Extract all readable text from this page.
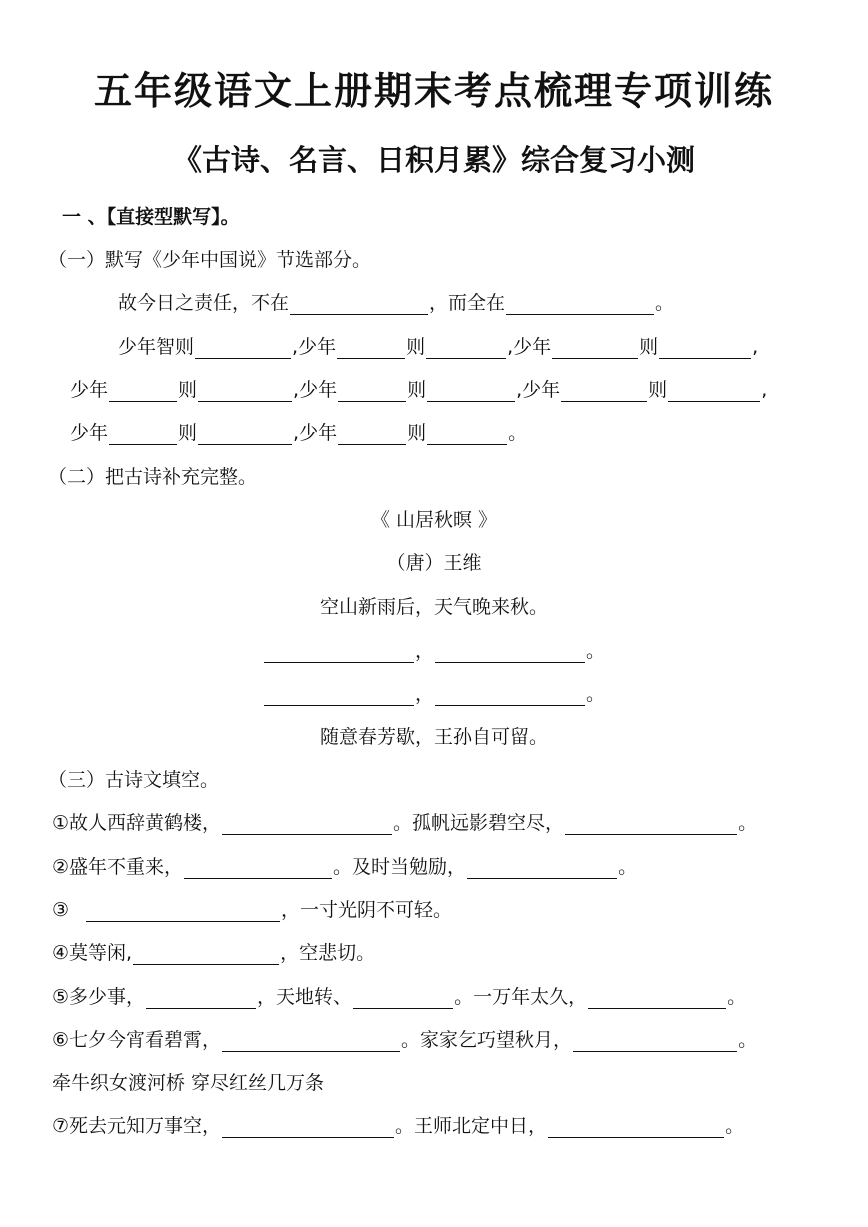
五年级语文上册期末考点梳理专项训练
《古诗、名言、日积月累》综合复习小测
一 、【直接型默写】。
（一）默写《少年中国说》节选部分。
故今日之责任，不在	，而全在	。
少年智则	,少年	则	,少年	则	,
少年	则	,少年	则	,少年	则	,
少年	则	,少年	则	。
（二）把古诗补充完整。
《 山居秋暝 》
（唐）王维
空山新雨后，天气晚来秋。
，	。
，	。
随意春芳歇，王孙自可留。
（三）古诗文填空。
①故人西辞黄鹤楼，	。孤帆远影碧空尽，	。
②盛年不重来，	。及时当勉励，	。
③	，一寸光阴不可轻。
④莫等闲,	，空悲切。
⑤多少事，	，天地转、	。一万年太久，	。
⑥七夕今宵看碧霄，	。家家乞巧望秋月，	。
牵牛织女渡河桥 穿尽红丝几万条
⑦死去元知万事空，	。王师北定中日，	。
